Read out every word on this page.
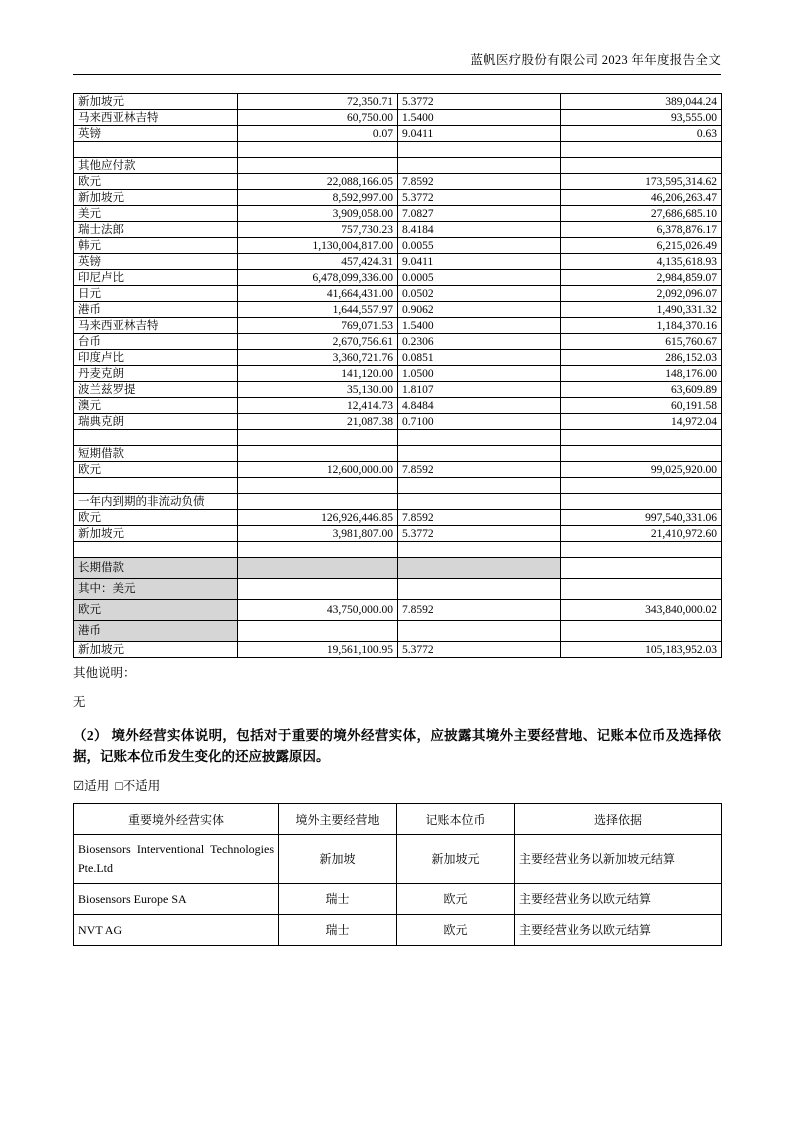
蓝帆医疗股份有限公司 2023 年年度报告全文
新加坡元	72,350.71	5.3772	389,044.24
马来西亚林吉特	60,750.00	1.5400	93,555.00
英镑	0.07	9.0411	0.63

其他应付款			
欧元	22,088,166.05	7.8592	173,595,314.62
新加坡元	8,592,997.00	5.3772	46,206,263.47
美元	3,909,058.00	7.0827	27,686,685.10
瑞士法郎	757,730.23	8.4184	6,378,876.17
韩元	1,130,004,817.00	0.0055	6,215,026.49
英镑	457,424.31	9.0411	4,135,618.93
印尼卢比	6,478,099,336.00	0.0005	2,984,859.07
日元	41,664,431.00	0.0502	2,092,096.07
港币	1,644,557.97	0.9062	1,490,331.32
马来西亚林吉特	769,071.53	1.5400	1,184,370.16
台币	2,670,756.61	0.2306	615,760.67
印度卢比	3,360,721.76	0.0851	286,152.03
丹麦克朗	141,120.00	1.0500	148,176.00
波兰兹罗提	35,130.00	1.8107	63,609.89
澳元	12,414.73	4.8484	60,191.58
瑞典克朗	21,087.38	0.7100	14,972.04

短期借款			
欧元	12,600,000.00	7.8592	99,025,920.00

一年内到期的非流动负债			
欧元	126,926,446.85	7.8592	997,540,331.06
新加坡元	3,981,807.00	5.3772	21,410,972.60

长期借款			
其中：美元			
欧元	43,750,000.00	7.8592	343,840,000.02
港币			
新加坡元	19,561,100.95	5.3772	105,183,952.03
其他说明：
无
（2） 境外经营实体说明，包括对于重要的境外经营实体，应披露其境外主要经营地、记账本位币及选择依据，记账本位币发生变化的还应披露原因。
☑适用 □不适用
重要境外经营实体	境外主要经营地	记账本位币	选择依据
Biosensors Interventional Technologies Pte.Ltd	新加坡	新加坡元	主要经营业务以新加坡元结算
Biosensors Europe SA	瑞士	欧元	主要经营业务以欧元结算
NVT AG	瑞士	欧元	主要经营业务以欧元结算
